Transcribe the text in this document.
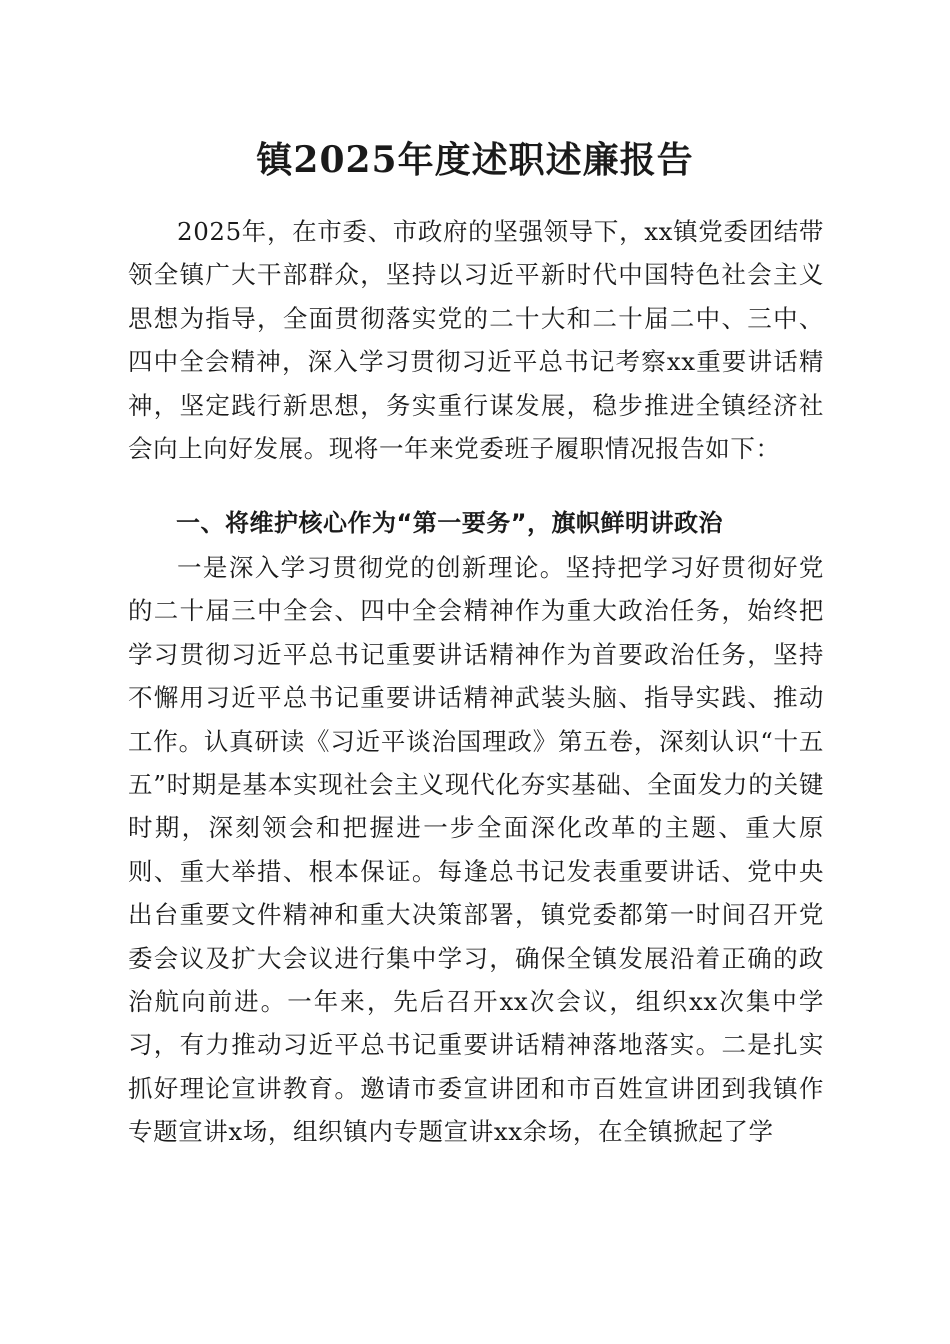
镇2025年度述职述廉报告

2025年，在市委、市政府的坚强领导下，xx镇党委团结带领全镇广大干部群众，坚持以习近平新时代中国特色社会主义思想为指导，全面贯彻落实党的二十大和二十届二中、三中、四中全会精神，深入学习贯彻习近平总书记考察xx重要讲话精神，坚定践行新思想，务实重行谋发展，稳步推进全镇经济社会向上向好发展。现将一年来党委班子履职情况报告如下：

一、将维护核心作为“第一要务”，旗帜鲜明讲政治

一是深入学习贯彻党的创新理论。坚持把学习好贯彻好党的二十届三中全会、四中全会精神作为重大政治任务，始终把学习贯彻习近平总书记重要讲话精神作为首要政治任务，坚持不懈用习近平总书记重要讲话精神武装头脑、指导实践、推动工作。认真研读《习近平谈治国理政》第五卷，深刻认识“十五五”时期是基本实现社会主义现代化夯实基础、全面发力的关键时期，深刻领会和把握进一步全面深化改革的主题、重大原则、重大举措、根本保证。每逢总书记发表重要讲话、党中央出台重要文件精神和重大决策部署，镇党委都第一时间召开党委会议及扩大会议进行集中学习，确保全镇发展沿着正确的政治航向前进。一年来，先后召开xx次会议，组织xx次集中学习，有力推动习近平总书记重要讲话精神落地落实。二是扎实抓好理论宣讲教育。邀请市委宣讲团和市百姓宣讲团到我镇作专题宣讲x场，组织镇内专题宣讲xx余场，在全镇掀起了学
